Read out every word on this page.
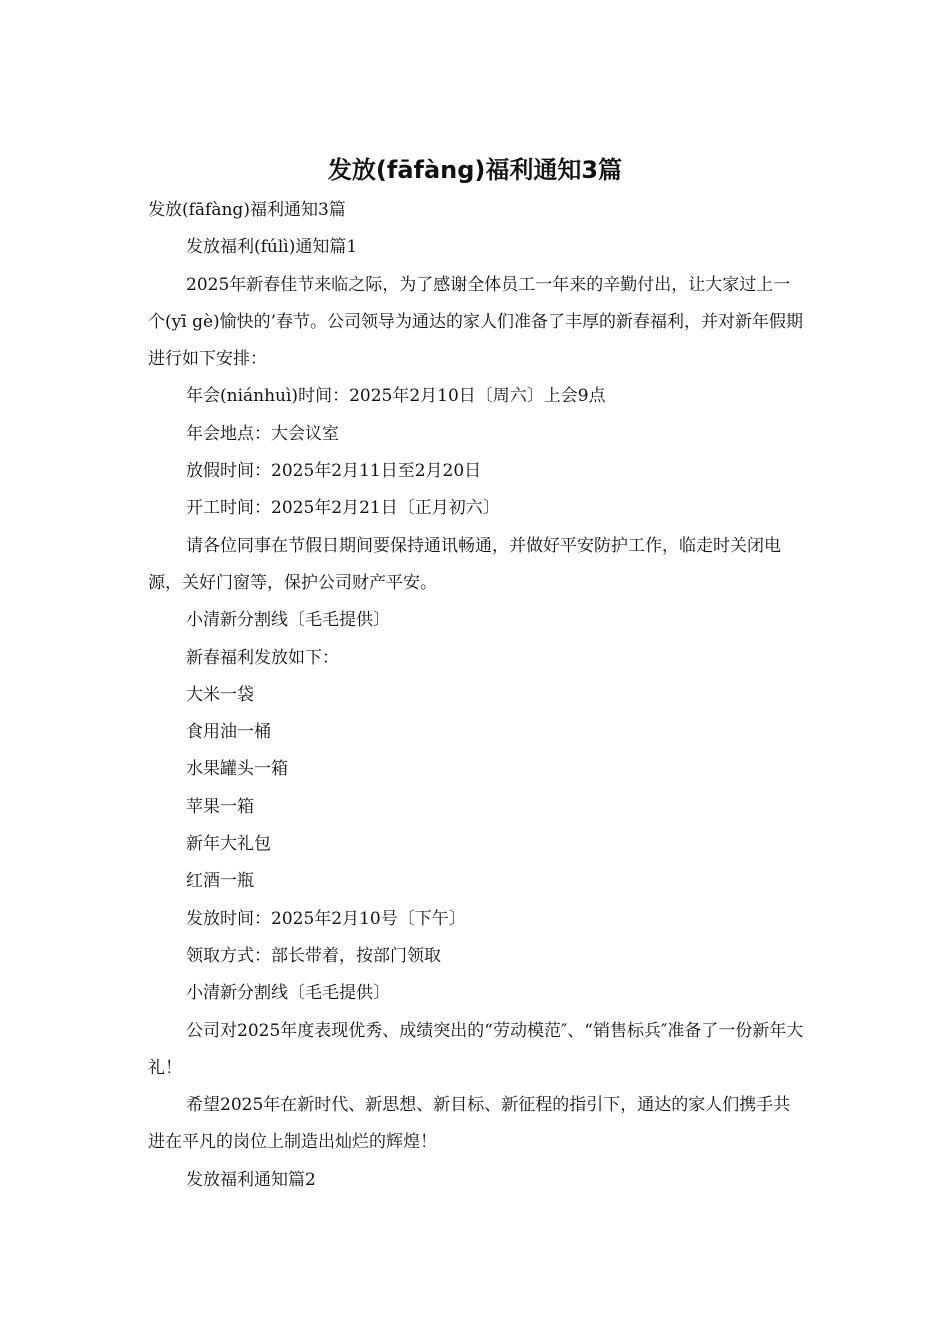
发放(fāfàng)福利通知3篇

发放(fāfàng)福利通知3篇

发放福利(fúlì)通知篇1

2025年新春佳节来临之际，为了感谢全体员工一年来的辛勤付出，让大家过上一个(yī gè)愉快的’春节。公司领导为通达的家人们准备了丰厚的新春福利，并对新年假期进行如下安排：

年会(niánhuì)时间：2025年2月10日〔周六〕上会9点

年会地点：大会议室

放假时间：2025年2月11日至2月20日

开工时间：2025年2月21日〔正月初六〕

请各位同事在节假日期间要保持通讯畅通，并做好平安防护工作，临走时关闭电源，关好门窗等，保护公司财产平安。

小清新分割线〔毛毛提供〕

新春福利发放如下：

大米一袋

食用油一桶

水果罐头一箱

苹果一箱

新年大礼包

红酒一瓶

发放时间：2025年2月10号〔下午〕

领取方式：部长带着，按部门领取

小清新分割线〔毛毛提供〕

公司对2025年度表现优秀、成绩突出的“劳动模范″、“销售标兵″准备了一份新年大礼！

希望2025年在新时代、新思想、新目标、新征程的指引下，通达的家人们携手共进在平凡的岗位上制造出灿烂的辉煌！

发放福利通知篇2
